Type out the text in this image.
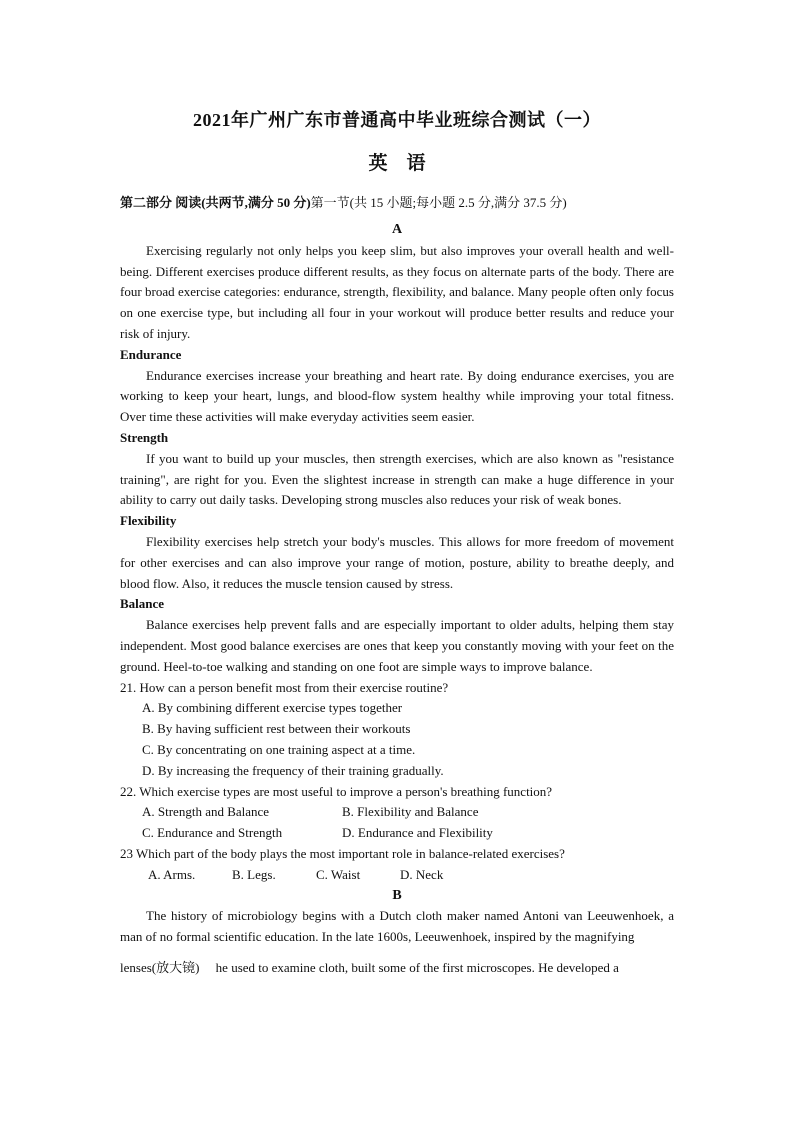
2021年广州广东市普通高中毕业班综合测试（一）
英　语
第二部分 阅读(共两节,满分 50 分)第一节(共 15 小题;每小题 2.5 分,满分 37.5 分)
A

Exercising regularly not only helps you keep slim, but also improves your overall health and well-being. Different exercises produce different results, as they focus on alternate parts of the body. There are four broad exercise categories: endurance, strength, flexibility, and balance. Many people often only focus on one exercise type, but including all four in your workout will produce better results and reduce your risk of injury.

Endurance

Endurance exercises increase your breathing and heart rate. By doing endurance exercises, you are working to keep your heart, lungs, and blood-flow system healthy while improving your total fitness. Over time these activities will make everyday activities seem easier.

Strength

If you want to build up your muscles, then strength exercises, which are also known as "resistance training", are right for you. Even the slightest increase in strength can make a huge difference in your ability to carry out daily tasks. Developing strong muscles also reduces your risk of weak bones.

Flexibility

Flexibility exercises help stretch your body's muscles. This allows for more freedom of movement for other exercises and can also improve your range of motion, posture, ability to breathe deeply, and blood flow. Also, it reduces the muscle tension caused by stress.

Balance

Balance exercises help prevent falls and are especially important to older adults, helping them stay independent. Most good balance exercises are ones that keep you constantly moving with your feet on the ground. Heel-to-toe walking and standing on one foot are simple ways to improve balance.

21. How can a person benefit most from their exercise routine?
A. By combining different exercise types together
B. By having sufficient rest between their workouts
C. By concentrating on one training aspect at a time.
D. By increasing the frequency of their training gradually.
22. Which exercise types are most useful to improve a person's breathing function?
A. Strength and Balance	B. Flexibility and Balance
C. Endurance and Strength	D. Endurance and Flexibility
23 Which part of the body plays the most important role in balance-related exercises?
A. Arms.	B. Legs.	C. Waist	D. Neck
B

The history of microbiology begins with a Dutch cloth maker named Antoni van Leeuwenhoek, a man of no formal scientific education. In the late 1600s, Leeuwenhoek, inspired by the magnifying

lenses(放大镜)　 he used to examine cloth, built some of the first microscopes. He developed a
